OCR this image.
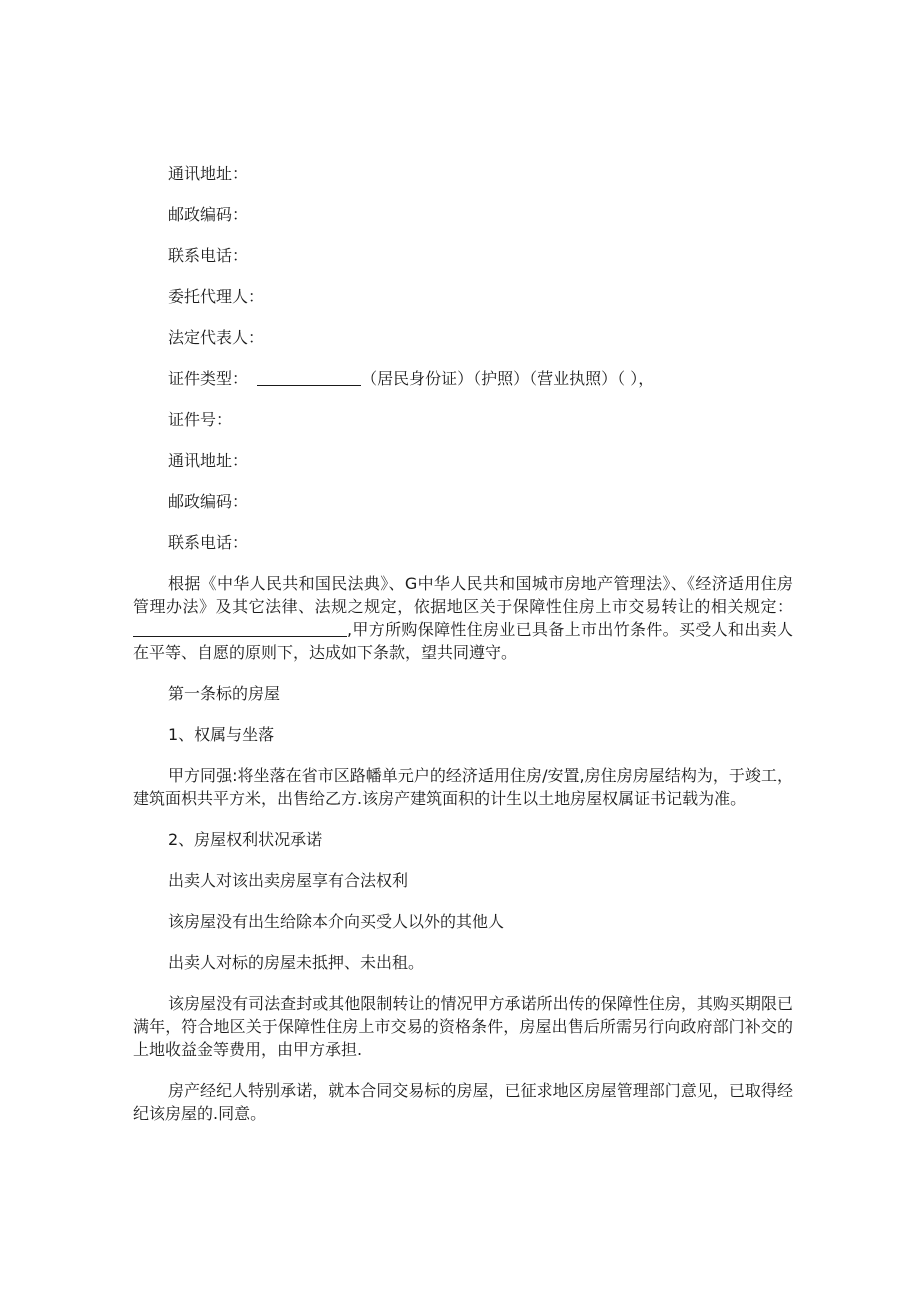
通讯地址：
邮政编码：
联系电话：
委托代理人：
法定代表人：
证件类型：	（居民身份证）（护照）（营业执照）（ ），
证件号：
通讯地址：
邮政编码：
联系电话：
根据《中华人民共和国民法典》、G中华人民共和国城市房地产管理法》、《经济适用住房管理办法》及其它法律、法规之规定，依据地区关于保障性住房上市交易转让的相关规定：,甲方所购保障性住房业已具备上市出竹条件。买受人和出卖人在平等、自愿的原则下，达成如下条款，望共同遵守。
第一条标的房屋
1、权属与坐落
甲方同强:将坐落在省市区路幡单元户的经济适用住房/安置,房住房房屋结构为，于竣工，建筑面枳共平方米，出售给乙方.该房产建筑面积的计生以土地房屋权属证书记载为准。
2、房屋权利状况承诺
出卖人对该出卖房屋享有合法权利
该房屋没有出生给除本介向买受人以外的其他人
出卖人对标的房屋未抵押、未出租。
该房屋没有司法查封或其他限制转让的情况甲方承诺所出传的保障性住房，其购买期限已满年，符合地区关于保障性住房上市交易的资格条件，房屋出售后所需另行向政府部门补交的上地收益金等费用，由甲方承担.
房产经纪人特别承诺，就本合同交易标的房屋，已征求地区房屋管理部门意见，已取得经纪该房屋的.同意。
